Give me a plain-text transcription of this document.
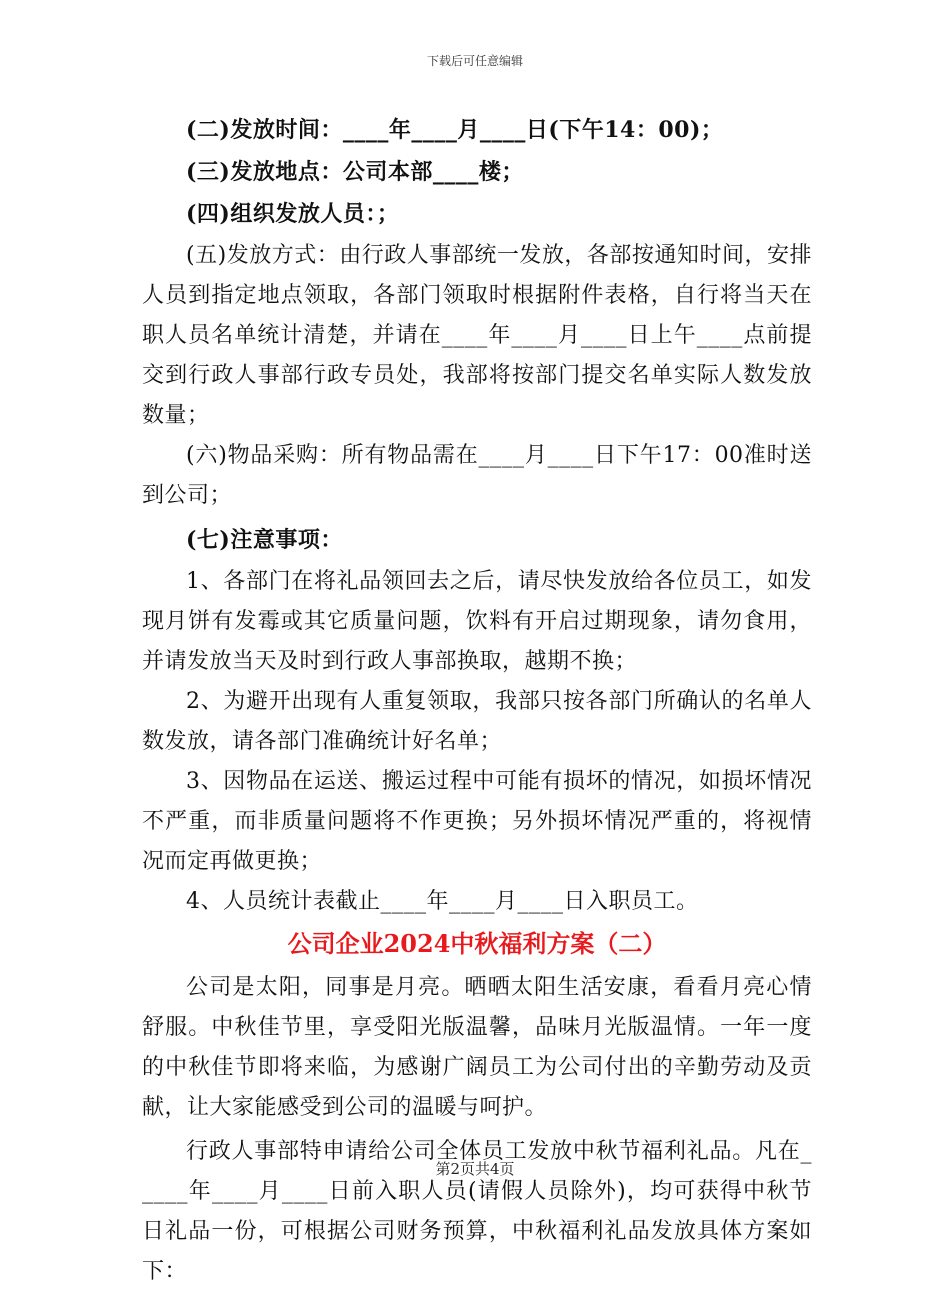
下载后可任意编辑

(二)发放时间：____年____月____日(下午14：00)；

(三)发放地点：公司本部____楼；

(四)组织发放人员：；

(五)发放方式：由行政人事部统一发放，各部按通知时间，安排人员到指定地点领取，各部门领取时根据附件表格，自行将当天在职人员名单统计清楚，并请在____年____月____日上午____点前提交到行政人事部行政专员处，我部将按部门提交名单实际人数发放数量；

(六)物品采购：所有物品需在____月____日下午17：00准时送到公司；

(七)注意事项：

1、各部门在将礼品领回去之后，请尽快发放给各位员工，如发现月饼有发霉或其它质量问题，饮料有开启过期现象，请勿食用，并请发放当天及时到行政人事部换取，越期不换；

2、为避开出现有人重复领取，我部只按各部门所确认的名单人数发放，请各部门准确统计好名单；

3、因物品在运送、搬运过程中可能有损坏的情况，如损坏情况不严重，而非质量问题将不作更换；另外损坏情况严重的，将视情况而定再做更换；

4、人员统计表截止____年____月____日入职员工。

公司企业2024中秋福利方案（二）

公司是太阳，同事是月亮。晒晒太阳生活安康，看看月亮心情舒服。中秋佳节里，享受阳光版温馨，品味月光版温情。一年一度的中秋佳节即将来临，为感谢广阔员工为公司付出的辛勤劳动及贡献，让大家能感受到公司的温暖与呵护。

行政人事部特申请给公司全体员工发放中秋节福利礼品。凡在_____年____月____日前入职人员(请假人员除外)，均可获得中秋节日礼品一份，可根据公司财务预算，中秋福利礼品发放具体方案如下：

第2页共4页
